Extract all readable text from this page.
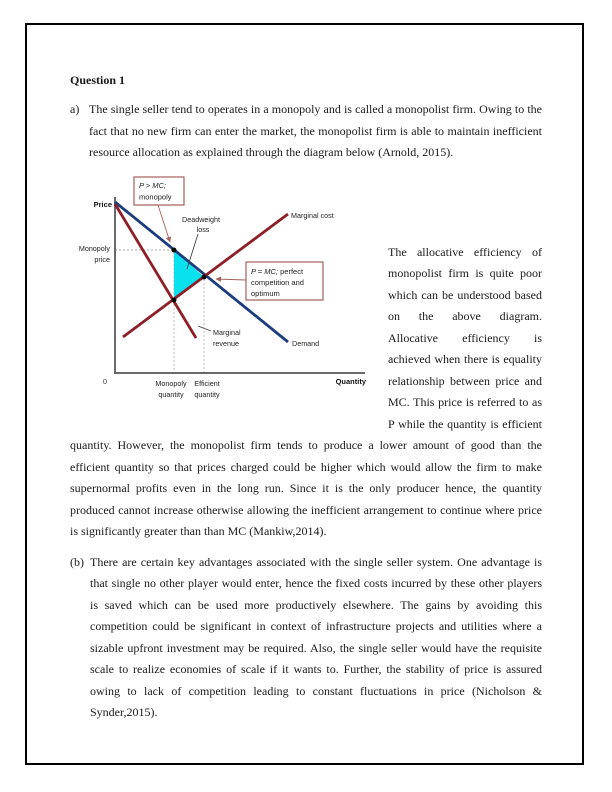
Question 1

a) The single seller tend to operates in a monopoly and is called a monopolist firm. Owing to the fact that no new firm can enter the market, the monopolist firm is able to maintain inefficient resource allocation as explained through the diagram below (Arnold, 2015).

Price
Quantity
0
Marginal cost
Demand
Marginal
revenue
Deadweight
loss
Monopoly
price
Monopoly
quantity
Efficient
quantity
P > MC;
monopoly
P = MC; perfect
competition and
optimum

The allocative efficiency of monopolist firm is quite poor which can be understood based on the above diagram. Allocative efficiency is achieved when there is equality relationship between price and MC. This price is referred to as P while the quantity is efficient quantity. However, the monopolist firm tends to produce a lower amount of good than the efficient quantity so that prices charged could be higher which would allow the firm to make supernormal profits even in the long run. Since it is the only producer hence, the quantity produced cannot increase otherwise allowing the inefficient arrangement to continue where price is significantly greater than than MC (Mankiw,2014).

(b) There are certain key advantages associated with the single seller system. One advantage is that single no other player would enter, hence the fixed costs incurred by these other players is saved which can be used more productively elsewhere. The gains by avoiding this competition could be significant in context of infrastructure projects and utilities where a sizable upfront investment may be required. Also, the single seller would have the requisite scale to realize economies of scale if it wants to. Further, the stability of price is assured owing to lack of competition leading to constant fluctuations in price (Nicholson & Synder,2015).
